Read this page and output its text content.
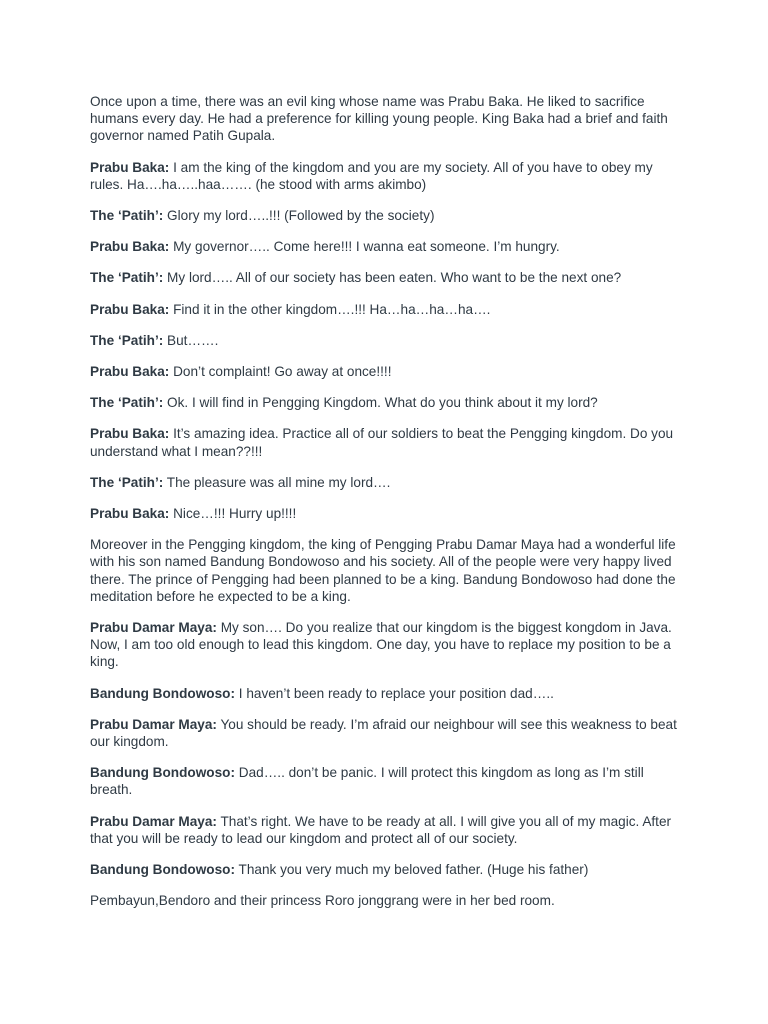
Once upon a time, there was an evil king whose name was Prabu Baka. He liked to sacrifice humans every day. He had a preference for killing young people. King Baka had a brief and faith governor named Patih Gupala.

Prabu Baka: I am the king of the kingdom and you are my society. All of you have to obey my rules. Ha….ha…..haa……. (he stood with arms akimbo)

The ‘Patih’: Glory my lord…..!!! (Followed by the society)

Prabu Baka: My governor….. Come here!!! I wanna eat someone. I’m hungry.

The ‘Patih’: My lord….. All of our society has been eaten. Who want to be the next one?

Prabu Baka: Find it in the other kingdom….!!! Ha…ha…ha…ha….

The ‘Patih’: But…….

Prabu Baka: Don’t complaint! Go away at once!!!!

The ‘Patih’: Ok. I will find in Pengging Kingdom. What do you think about it my lord?

Prabu Baka: It’s amazing idea. Practice all of our soldiers to beat the Pengging kingdom. Do you understand what I mean??!!!

The ‘Patih’: The pleasure was all mine my lord….

Prabu Baka: Nice…!!! Hurry up!!!!

Moreover in the Pengging kingdom, the king of Pengging Prabu Damar Maya had a wonderful life with his son named Bandung Bondowoso and his society. All of the people were very happy lived there. The prince of Pengging had been planned to be a king. Bandung Bondowoso had done the meditation before he expected to be a king.

Prabu Damar Maya: My son…. Do you realize that our kingdom is the biggest kongdom in Java. Now, I am too old enough to lead this kingdom. One day, you have to replace my position to be a king.

Bandung Bondowoso: I haven’t been ready to replace your position dad…..

Prabu Damar Maya: You should be ready. I’m afraid our neighbour will see this weakness to beat our kingdom.

Bandung Bondowoso: Dad….. don’t be panic. I will protect this kingdom as long as I’m still breath.

Prabu Damar Maya: That’s right. We have to be ready at all. I will give you all of my magic. After that you will be ready to lead our kingdom and protect all of our society.

Bandung Bondowoso: Thank you very much my beloved father. (Huge his father)

Pembayun,Bendoro and their princess Roro jonggrang were in her bed room.
